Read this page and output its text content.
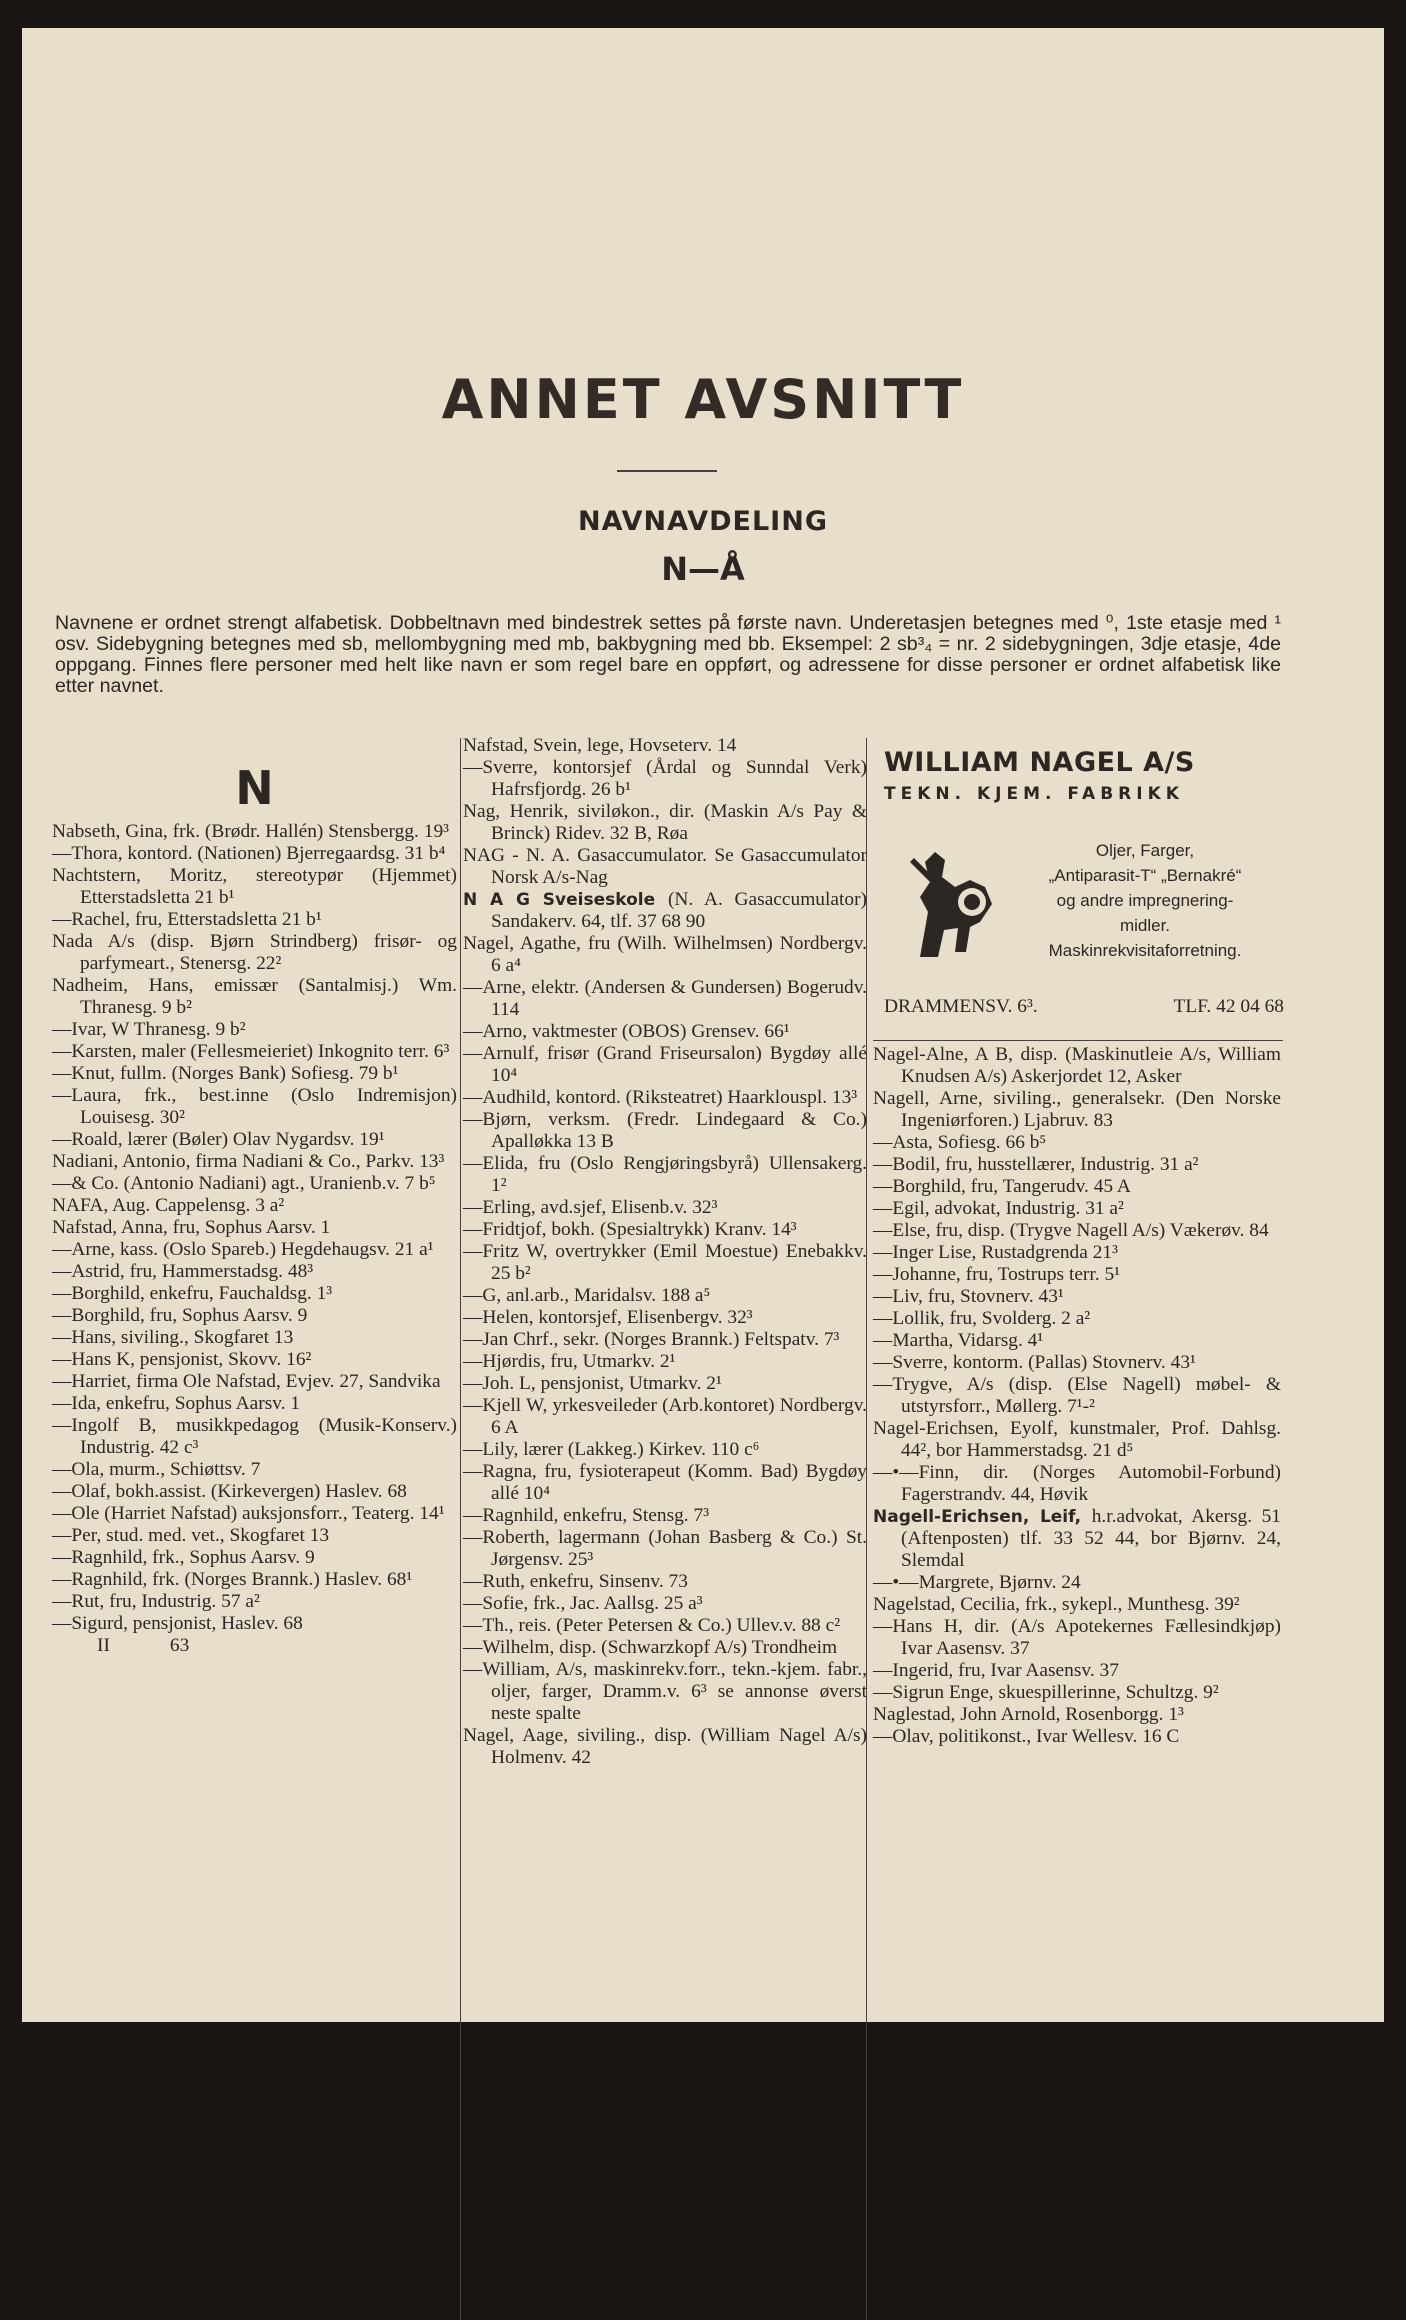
ANNET AVSNITT
NAVNAVDELING
N—Å
Navnene er ordnet strengt alfabetisk. Dobbeltnavn med bindestrek settes på første navn. Underetasjen betegnes med ⁰, 1ste etasje med ¹ osv. Sidebygning betegnes med sb, mellombygning med mb, bakbygning med bb. Eksempel: 2 sb³₄ = nr. 2 sidebygningen, 3dje etasje, 4de oppgang. Finnes flere personer med helt like navn er som regel bare en oppført, og adressene for disse personer er ordnet alfabetisk like etter navnet.
N

Nabseth, Gina, frk. (Brødr. Hallén) Stensbergg. 19³

—Thora, kontord. (Nationen) Bjerregaardsg. 31 b⁴

Nachtstern, Moritz, stereotypør (Hjemmet) Etterstadsletta 21 b¹

—Rachel, fru, Etterstadsletta 21 b¹

Nada A/s (disp. Bjørn Strindberg) frisør- og parfymeart., Stenersg. 22²

Nadheim, Hans, emissær (Santalmisj.) Wm. Thranesg. 9 b²

—Ivar, W Thranesg. 9 b²

—Karsten, maler (Fellesmeieriet) Inkognito terr. 6³

—Knut, fullm. (Norges Bank) Sofiesg. 79 b¹

—Laura, frk., best.inne (Oslo Indremisjon) Louisesg. 30²

—Roald, lærer (Bøler) Olav Nygardsv. 19¹

Nadiani, Antonio, firma Nadiani & Co., Parkv. 13³

—& Co. (Antonio Nadiani) agt., Uranienb.v. 7 b⁵

NAFA, Aug. Cappelensg. 3 a²

Nafstad, Anna, fru, Sophus Aarsv. 1

—Arne, kass. (Oslo Spareb.) Hegdehaugsv. 21 a¹

—Astrid, fru, Hammerstadsg. 48³

—Borghild, enkefru, Fauchaldsg. 1³

—Borghild, fru, Sophus Aarsv. 9

—Hans, siviling., Skogfaret 13

—Hans K, pensjonist, Skovv. 16²

—Harriet, firma Ole Nafstad, Evjev. 27, Sandvika

—Ida, enkefru, Sophus Aarsv. 1

—Ingolf B, musikkpedagog (Musik-Konserv.) Industrig. 42 c³

—Ola, murm., Schiøttsv. 7

—Olaf, bokh.assist. (Kirkevergen) Haslev. 68

—Ole (Harriet Nafstad) auksjonsforr., Teaterg. 14¹

—Per, stud. med. vet., Skogfaret 13

—Ragnhild, frk., Sophus Aarsv. 9

—Ragnhild, frk. (Norges Brannk.) Haslev. 68¹

—Rut, fru, Industrig. 57 a²

—Sigurd, pensjonist, Haslev. 68

II	63

Nafstad, Svein, lege, Hovseterv. 14

—Sverre, kontorsjef (Årdal og Sunndal Verk) Hafrsfjordg. 26 b¹

Nag, Henrik, siviløkon., dir. (Maskin A/s Pay & Brinck) Ridev. 32 B, Røa

NAG - N. A. Gasaccumulator. Se Gasaccumulator Norsk A/s-Nag

N A G Sveiseskole (N. A. Gasaccumulator) Sandakerv. 64, tlf. 37 68 90

Nagel, Agathe, fru (Wilh. Wilhelmsen) Nordbergv. 6 a⁴

—Arne, elektr. (Andersen & Gundersen) Bogerudv. 114

—Arno, vaktmester (OBOS) Grensev. 66¹

—Arnulf, frisør (Grand Friseursalon) Bygdøy allé 10⁴

—Audhild, kontord. (Riksteatret) Haarklouspl. 13³

—Bjørn, verksm. (Fredr. Lindegaard & Co.) Apalløkka 13 B

—Elida, fru (Oslo Rengjøringsbyrå) Ullensakerg. 1²

—Erling, avd.sjef, Elisenb.v. 32³

—Fridtjof, bokh. (Spesialtrykk) Kranv. 14³

—Fritz W, overtrykker (Emil Moestue) Enebakkv. 25 b²

—G, anl.arb., Maridalsv. 188 a⁵

—Helen, kontorsjef, Elisenbergv. 32³

—Jan Chrf., sekr. (Norges Brannk.) Feltspatv. 7³

—Hjørdis, fru, Utmarkv. 2¹

—Joh. L, pensjonist, Utmarkv. 2¹

—Kjell W, yrkesveileder (Arb.kontoret) Nordbergv. 6 A

—Lily, lærer (Lakkeg.) Kirkev. 110 c⁶

—Ragna, fru, fysioterapeut (Komm. Bad) Bygdøy allé 10⁴

—Ragnhild, enkefru, Stensg. 7³

—Roberth, lagermann (Johan Basberg & Co.) St. Jørgensv. 25³

—Ruth, enkefru, Sinsenv. 73

—Sofie, frk., Jac. Aallsg. 25 a³

—Th., reis. (Peter Petersen & Co.) Ullev.v. 88 c²

—Wilhelm, disp. (Schwarzkopf A/s) Trondheim

—William, A/s, maskinrekv.forr., tekn.-kjem. fabr., oljer, farger, Dramm.v. 6³ se annonse øverst neste spalte

Nagel, Aage, siviling., disp. (William Nagel A/s) Holmenv. 42

WILLIAM NAGEL A/S
TEKN. KJEM. FABRIKK

Oljer, Farger,

„Antiparasit-T“ „Bernakré“

og andre impregnering-

midler.

Maskinrekvisitaforretning.

DRAMMENSV. 6³.	TLF. 42 04 68

Nagel-Alne, A B, disp. (Maskinutleie A/s, William Knudsen A/s) Askerjordet 12, Asker

Nagell, Arne, siviling., generalsekr. (Den Norske Ingeniørforen.) Ljabruv. 83

—Asta, Sofiesg. 66 b⁵

—Bodil, fru, husstellærer, Industrig. 31 a²

—Borghild, fru, Tangerudv. 45 A

—Egil, advokat, Industrig. 31 a²

—Else, fru, disp. (Trygve Nagell A/s) Vækerøv. 84

—Inger Lise, Rustadgrenda 21³

—Johanne, fru, Tostrups terr. 5¹

—Liv, fru, Stovnerv. 43¹

—Lollik, fru, Svolderg. 2 a²

—Martha, Vidarsg. 4¹

—Sverre, kontorm. (Pallas) Stovnerv. 43¹

—Trygve, A/s (disp. (Else Nagell) møbel- & utstyrsforr., Møllerg. 7¹-²

Nagel-Erichsen, Eyolf, kunstmaler, Prof. Dahlsg. 44², bor Hammerstadsg. 21 d⁵

—•—Finn, dir. (Norges Automobil-Forbund) Fagerstrandv. 44, Høvik

Nagell-Erichsen, Leif, h.r.advokat, Akersg. 51 (Aftenposten) tlf. 33 52 44, bor Bjørnv. 24, Slemdal

—•—Margrete, Bjørnv. 24

Nagelstad, Cecilia, frk., sykepl., Munthesg. 39²

—Hans H, dir. (A/s Apotekernes Fællesindkjøp) Ivar Aasensv. 37

—Ingerid, fru, Ivar Aasensv. 37

—Sigrun Enge, skuespillerinne, Schultzg. 9²

Naglestad, John Arnold, Rosenborgg. 1³

—Olav, politikonst., Ivar Wellesv. 16 C
